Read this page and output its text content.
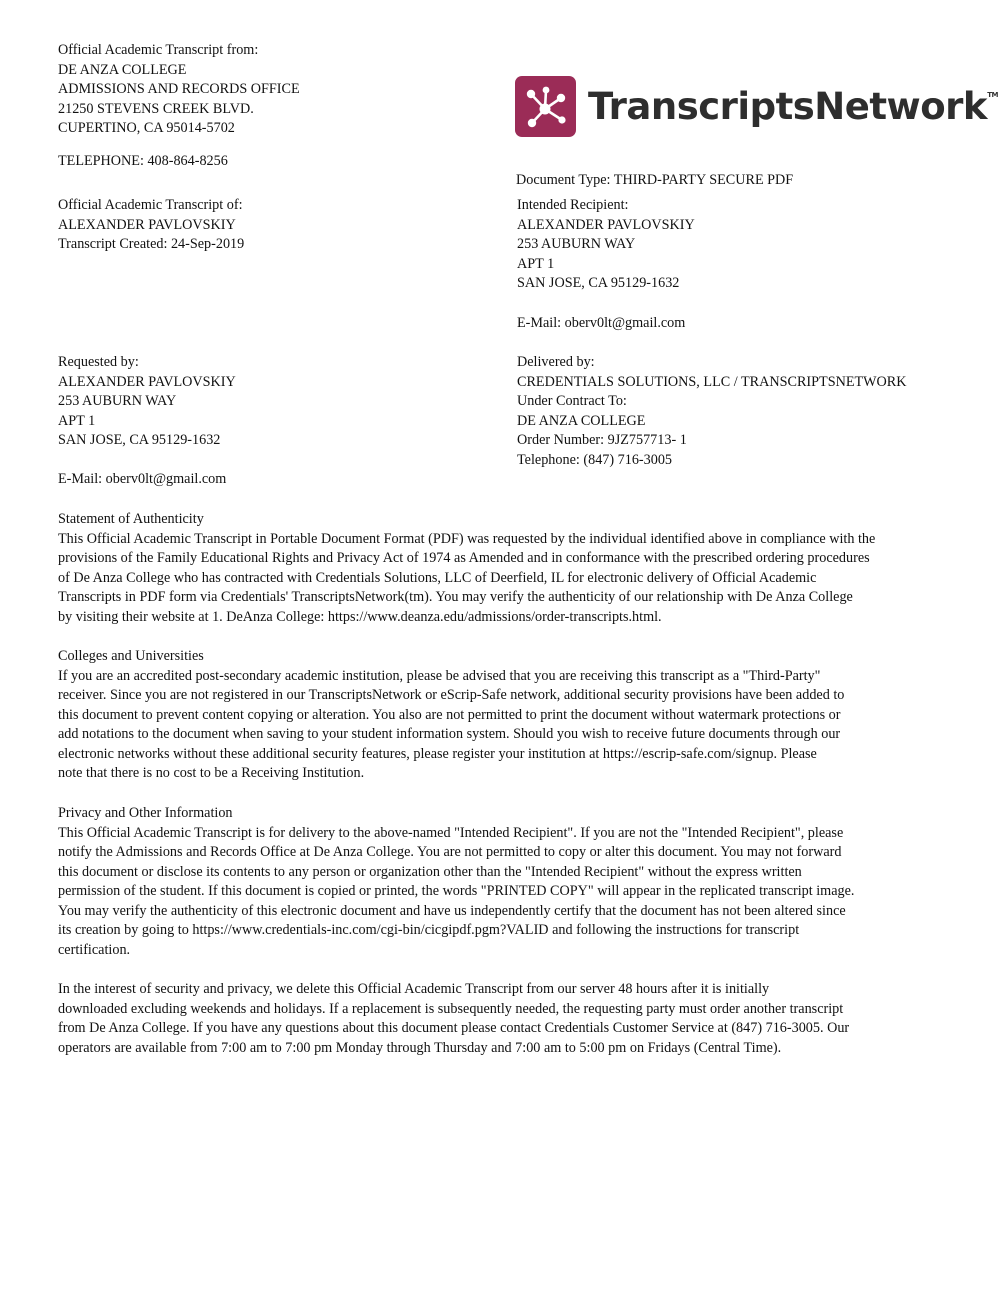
Official Academic Transcript from:
DE ANZA COLLEGE
ADMISSIONS AND RECORDS OFFICE
21250 STEVENS CREEK BLVD.
CUPERTINO, CA 95014-5702
TELEPHONE: 408-864-8256
TranscriptsNetwork TM
Document Type: THIRD-PARTY SECURE PDF
Official Academic Transcript of:
ALEXANDER PAVLOVSKIY
Transcript Created: 24-Sep-2019
Intended Recipient:
ALEXANDER PAVLOVSKIY
253 AUBURN WAY
APT 1
SAN JOSE, CA 95129-1632
E-Mail: oberv0lt@gmail.com
Requested by:
ALEXANDER PAVLOVSKIY
253 AUBURN WAY
APT 1
SAN JOSE, CA 95129-1632
E-Mail: oberv0lt@gmail.com
Delivered by:
CREDENTIALS SOLUTIONS, LLC / TRANSCRIPTSNETWORK
Under Contract To:
DE ANZA COLLEGE
Order Number: 9JZ757713- 1
Telephone: (847) 716-3005
Statement of Authenticity
This Official Academic Transcript in Portable Document Format (PDF) was requested by the individual identified above in compliance with the
provisions of the Family Educational Rights and Privacy Act of 1974 as Amended and in conformance with the prescribed ordering procedures
of De Anza College who has contracted with Credentials Solutions, LLC of Deerfield, IL for electronic delivery of Official Academic
Transcripts in PDF form via Credentials' TranscriptsNetwork(tm). You may verify the authenticity of our relationship with De Anza College
by visiting their website at 1. DeAnza College: https://www.deanza.edu/admissions/order-transcripts.html.
Colleges and Universities
If you are an accredited post-secondary academic institution, please be advised that you are receiving this transcript as a "Third-Party"
receiver. Since you are not registered in our TranscriptsNetwork or eScrip-Safe network, additional security provisions have been added to
this document to prevent content copying or alteration. You also are not permitted to print the document without watermark protections or
add notations to the document when saving to your student information system. Should you wish to receive future documents through our
electronic networks without these additional security features, please register your institution at https://escrip-safe.com/signup. Please
note that there is no cost to be a Receiving Institution.
Privacy and Other Information
This Official Academic Transcript is for delivery to the above-named "Intended Recipient". If you are not the "Intended Recipient", please
notify the Admissions and Records Office at De Anza College. You are not permitted to copy or alter this document. You may not forward
this document or disclose its contents to any person or organization other than the "Intended Recipient" without the express written
permission of the student. If this document is copied or printed, the words "PRINTED COPY" will appear in the replicated transcript image.
You may verify the authenticity of this electronic document and have us independently certify that the document has not been altered since
its creation by going to https://www.credentials-inc.com/cgi-bin/cicgipdf.pgm?VALID and following the instructions for transcript
certification.
In the interest of security and privacy, we delete this Official Academic Transcript from our server 48 hours after it is initially
downloaded excluding weekends and holidays. If a replacement is subsequently needed, the requesting party must order another transcript
from De Anza College. If you have any questions about this document please contact Credentials Customer Service at (847) 716-3005. Our
operators are available from 7:00 am to 7:00 pm Monday through Thursday and 7:00 am to 5:00 pm on Fridays (Central Time).
